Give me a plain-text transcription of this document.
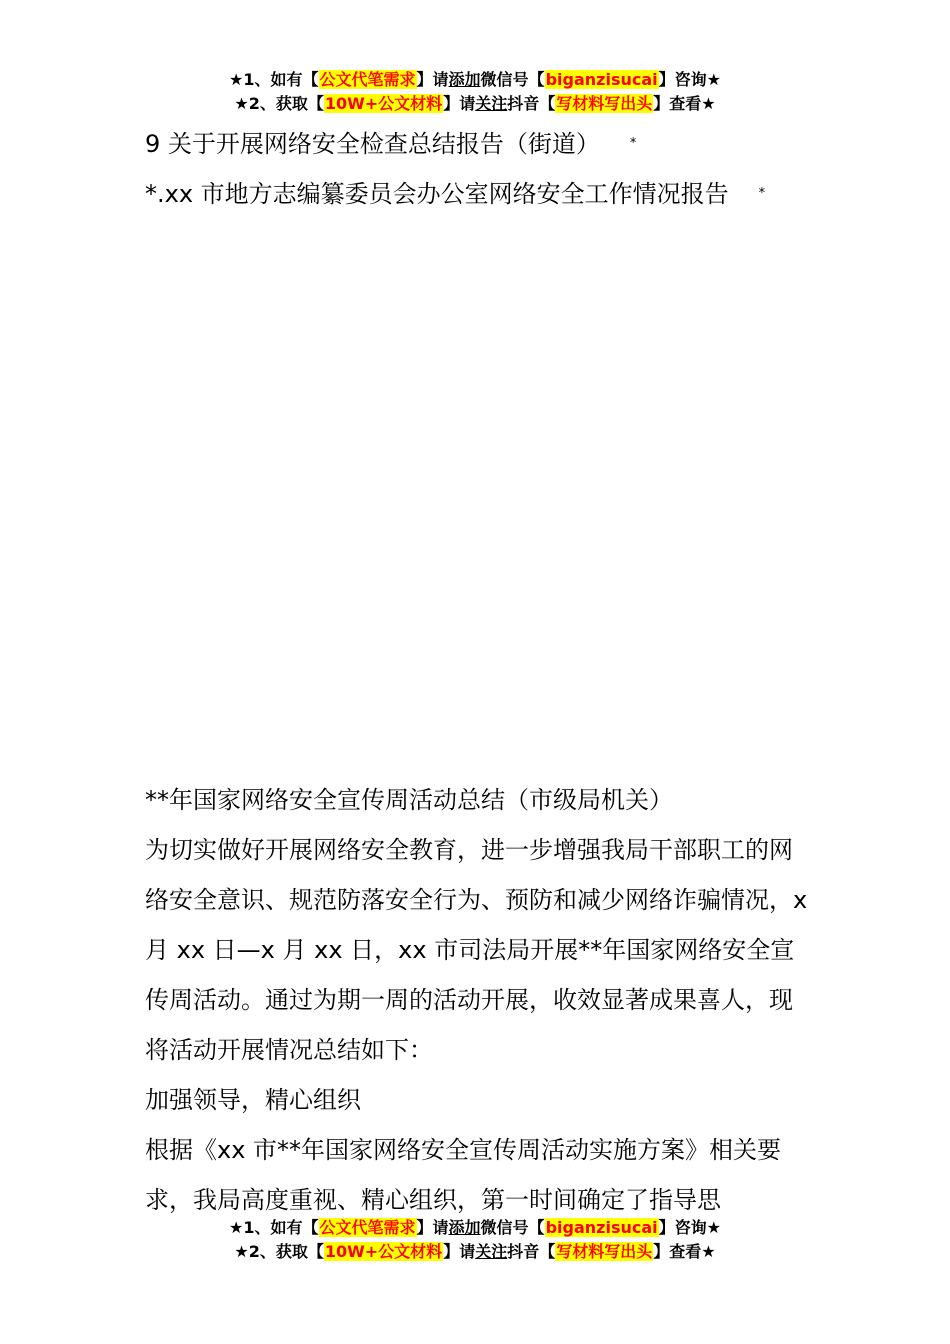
★1、如有【公文代笔需求】请添加微信号【biganzisucai】咨询★
★2、获取【10W+公文材料】请关注抖音【写材料写出头】查看★
9 关于开展网络安全检查总结报告（街道） *
*.xx 市地方志编纂委员会办公室网络安全工作情况报告 *

**年国家网络安全宣传周活动总结（市级局机关）

为切实做好开展网络安全教育，进一步增强我局干部职工的网络安全意识、规范防落安全行为、预防和减少网络诈骗情况，x 月 xx 日—x 月 xx 日，xx 市司法局开展**年国家网络安全宣传周活动。通过为期一周的活动开展，收效显著成果喜人，现将活动开展情况总结如下：

加强领导，精心组织

根据《xx 市**年国家网络安全宣传周活动实施方案》相关要求，我局高度重视、精心组织，第一时间确定了指导思

★1、如有【公文代笔需求】请添加微信号【biganzisucai】咨询★
★2、获取【10W+公文材料】请关注抖音【写材料写出头】查看★
